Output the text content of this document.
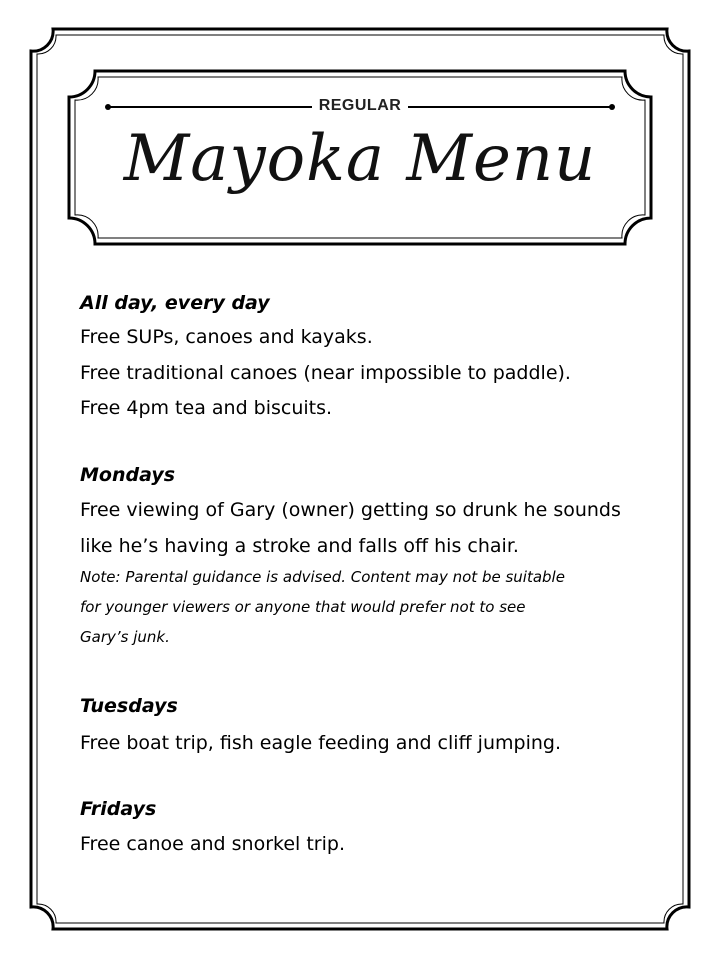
REGULAR
Mayoka Menu
All day, every day
Free SUPs, canoes and kayaks.
Free traditional canoes (near impossible to paddle).
Free 4pm tea and biscuits.
Mondays
Free viewing of Gary (owner) getting so drunk he sounds
like he’s having a stroke and falls off his chair.
Note: Parental guidance is advised. Content may not be suitable
for younger viewers or anyone that would prefer not to see
Gary’s junk.
Tuesdays
Free boat trip, fish eagle feeding and cliff jumping.
Fridays
Free canoe and snorkel trip.
